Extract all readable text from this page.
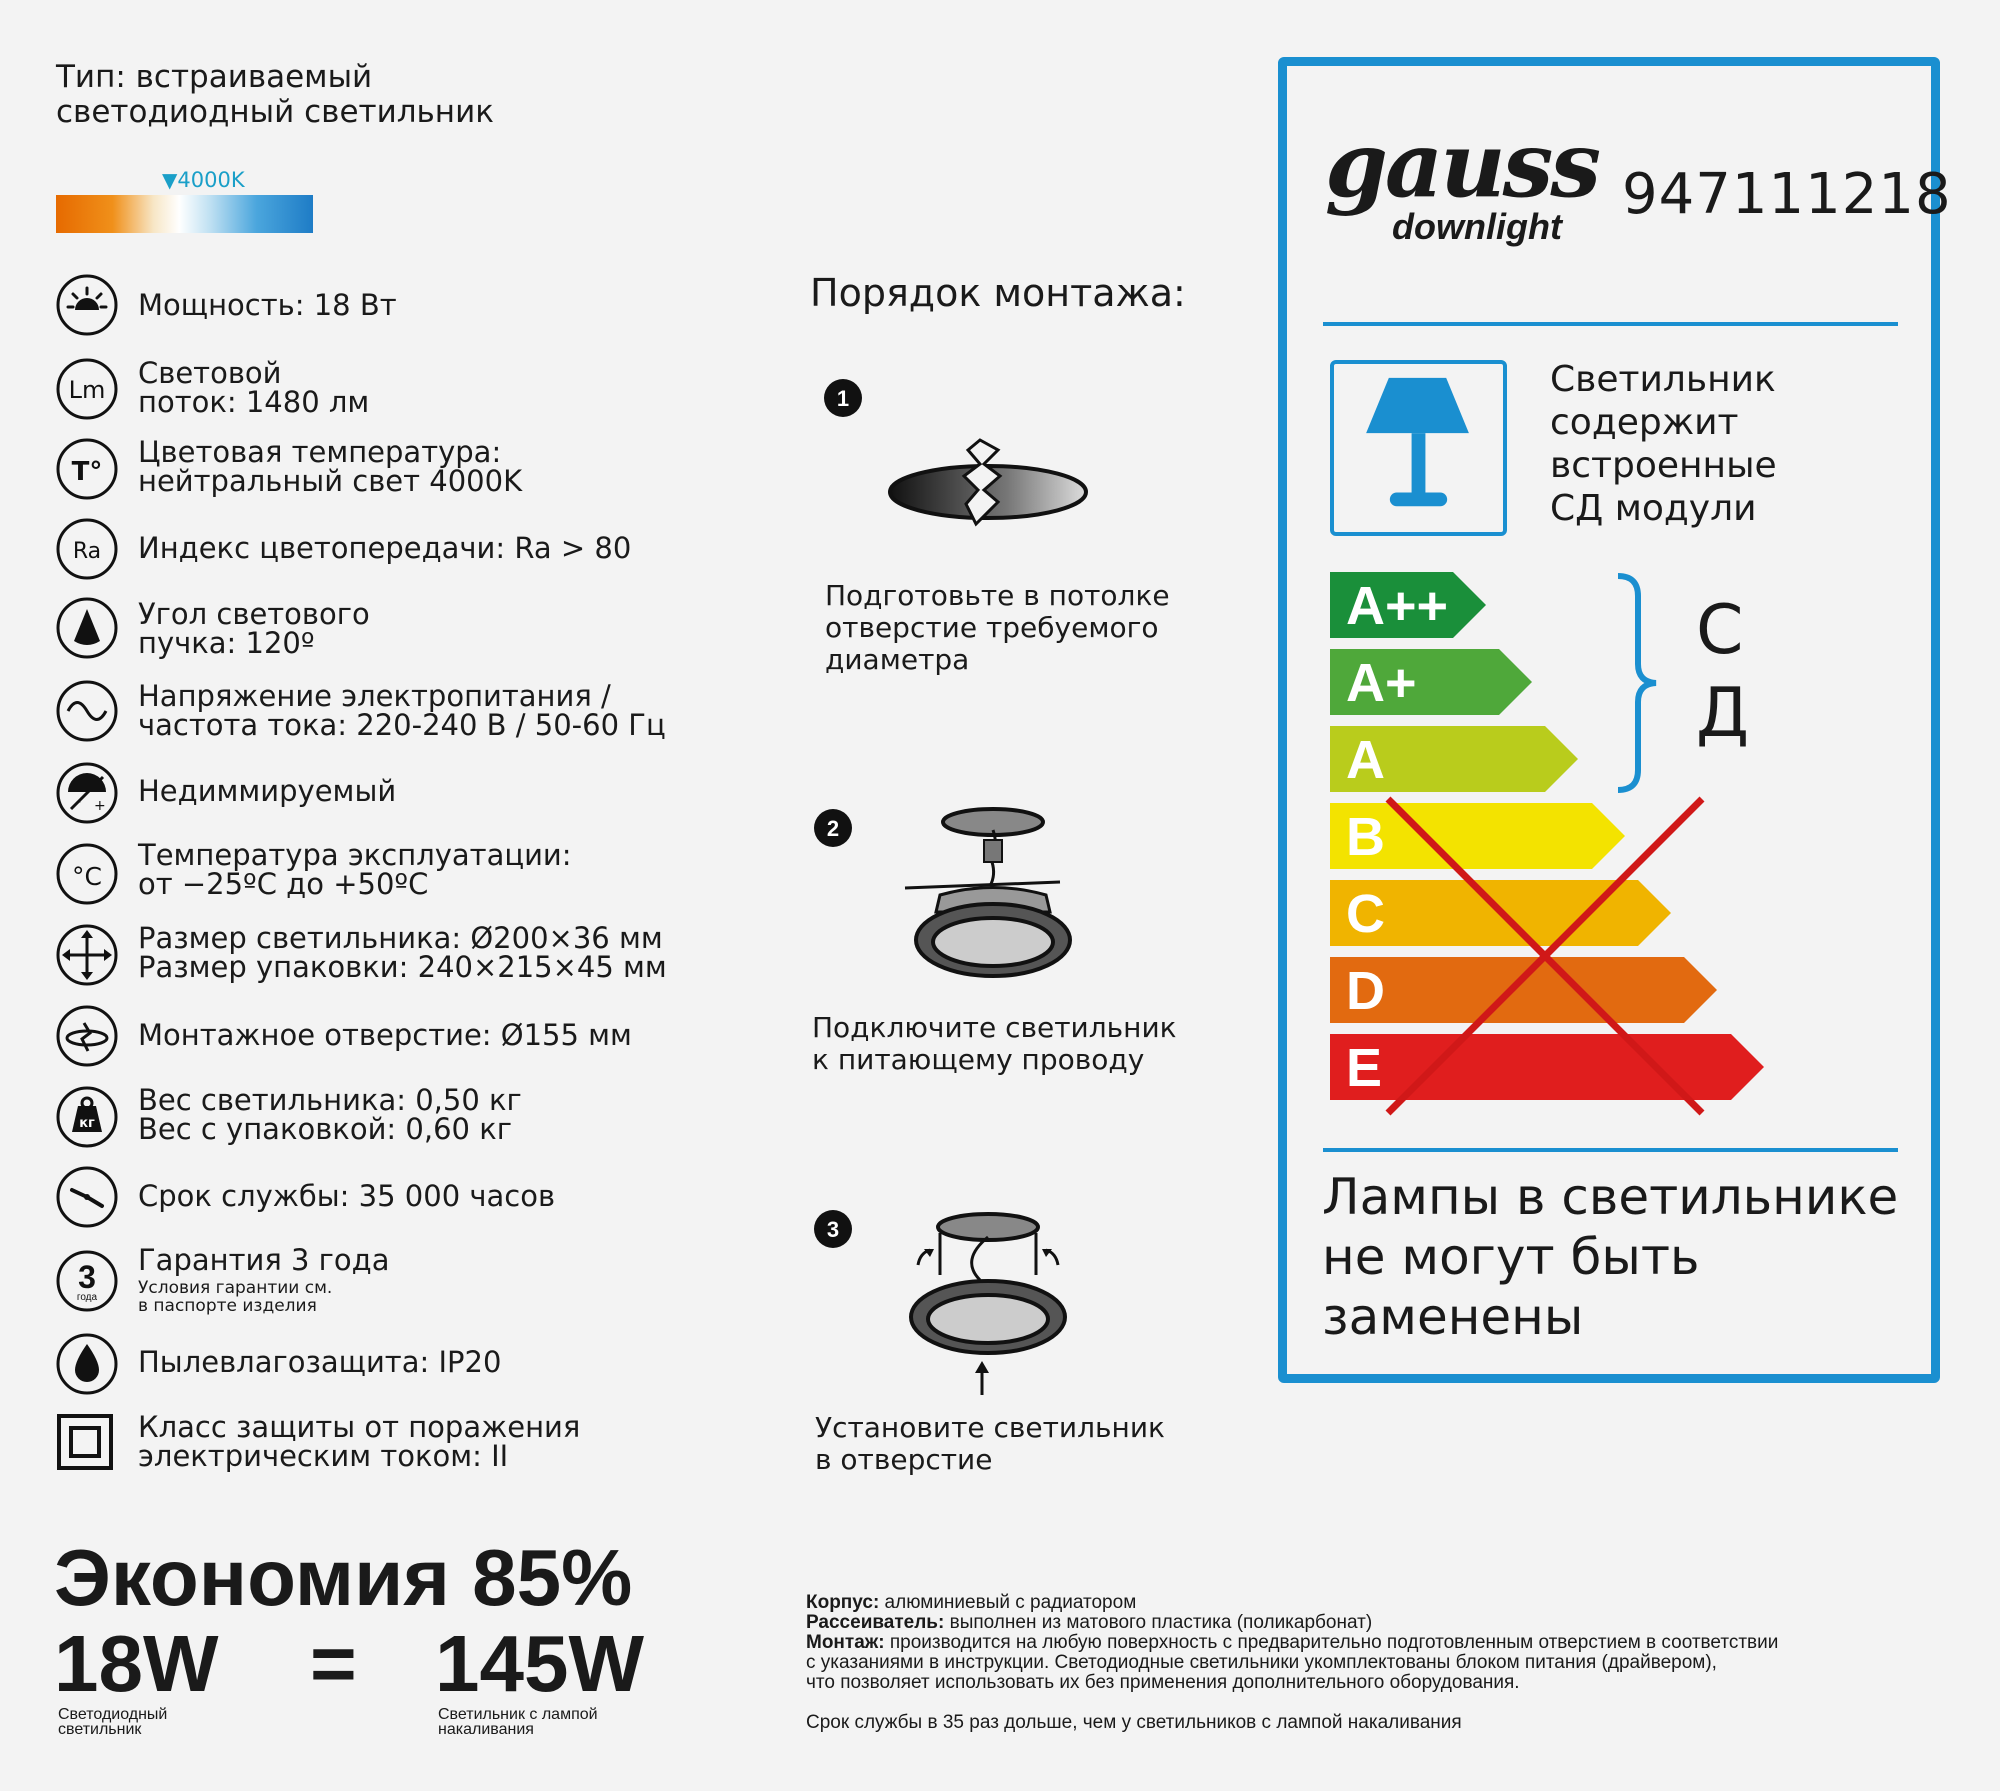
Тип: встраиваемый
светодиодный светильник
▼4000K
Мощность: 18 Вт
Lm Световой
поток: 1480 лм
T°
Цветовая температура:
нейтральный свет 4000K
Ra Индекс цветопередачи: Ra > 80
Угол светового
пучка: 120º
Напряжение электропитания /
частота тока: 220-240 В / 50-60 Гц
- + Недиммируемый
°C
Температура эксплуатации:
от −25ºC до +50ºC
Размер светильника: Ø200×36 мм
Размер упаковки: 240×215×45 мм
Монтажное отверстие: Ø155 мм
кг
Вес светильника: 0,50 кг
Вес с упаковкой: 0,60 кг
Срок службы: 35 000 часов
3
года
Гарантия 3 года
Условия гарантии см.
в паспорте изделия
Пылевлагозащита: IP20
Класс защиты от поражения
электрическим током: II
Экономия 85%
18W = 145W
Светодиодный
светильник
Светильник с лампой
накаливания
Порядок монтажа:
1
Подготовьте в потолке
отверстие требуемого
диаметра
2
Подключите светильник
к питающему проводу
3
Установите светильник
в отверстие
Корпус: алюминиевый с радиатором
Рассеиватель: выполнен из матового пластика (поликарбонат)
Монтаж: производится на любую поверхность с предварительно подготовленным отверстием в соответствии
с указаниями в инструкции. Светодиодные светильники укомплектованы блоком питания (драйвером),
что позволяет использовать их без применения дополнительного оборудования.
Срок службы в 35 раз дольше, чем у светильников с лампой накаливания
gauss
downlight 947111218
Светильник
содержит
встроенные
СД модули
A++
A+
A
B
C
D
E
С
Д
Лампы в светильнике
не могут быть
заменены
